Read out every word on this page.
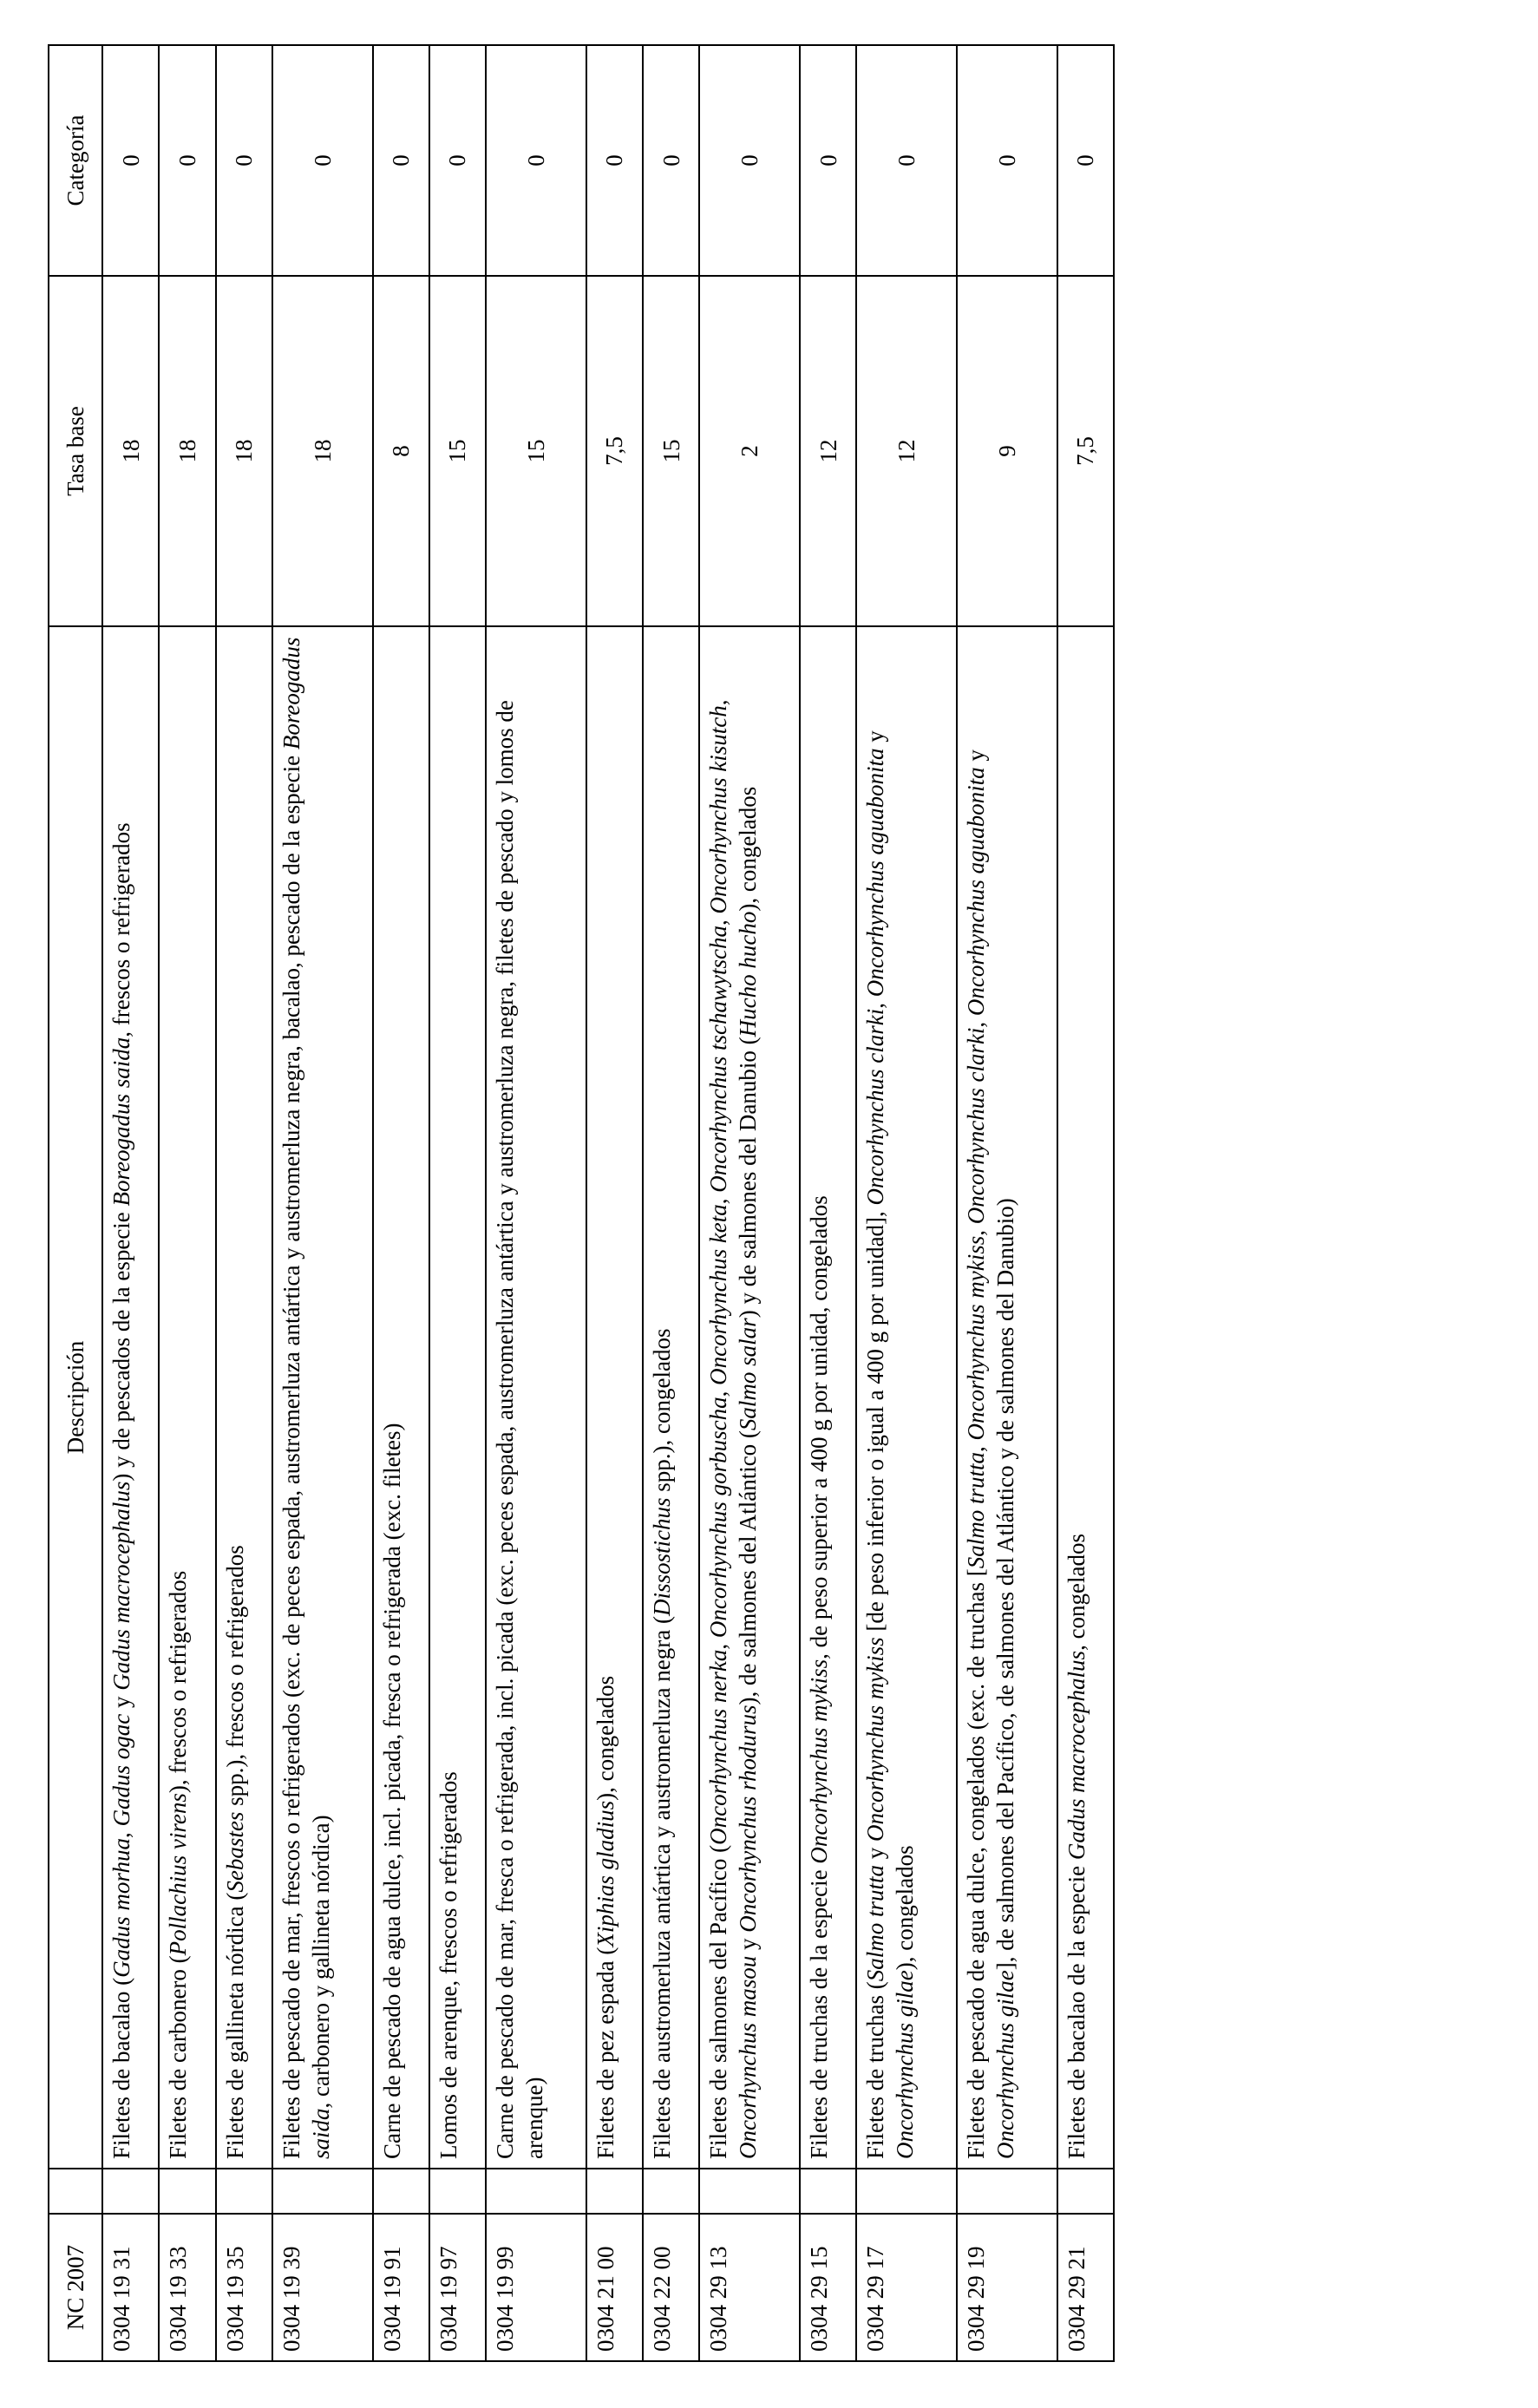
NC 2007		Descripción	Tasa base	Categoría
0304 19 31		Filetes de bacalao (Gadus morhua, Gadus ogac y Gadus macrocephalus) y de pescados de la especie Boreogadus saida, frescos o refrigerados	18	0
0304 19 33		Filetes de carbonero (Pollachius virens), frescos o refrigerados	18	0
0304 19 35		Filetes de gallineta nórdica (Sebastes spp.), frescos o refrigerados	18	0
0304 19 39		Filetes de pescado de mar, frescos o refrigerados (exc. de peces espada, austromerluza antártica y austromerluza negra, bacalao, pescado de la especie Boreogadus saida, carbonero y gallineta nórdica)	18	0
0304 19 91		Carne de pescado de agua dulce, incl. picada, fresca o refrigerada (exc. filetes)	8	0
0304 19 97		Lomos de arenque, frescos o refrigerados	15	0
0304 19 99		Carne de pescado de mar, fresca o refrigerada, incl. picada (exc. peces espada, austromerluza antártica y austromerluza negra, filetes de pescado y lomos de arenque)	15	0
0304 21 00		Filetes de pez espada (Xiphias gladius), congelados	7,5	0
0304 22 00		Filetes de austromerluza antártica y austromerluza negra (Dissostichus spp.), congelados	15	0
0304 29 13		Filetes de salmones del Pacífico (Oncorhynchus nerka, Oncorhynchus gorbuscha, Oncorhynchus keta, Oncorhynchus tschawytscha, Oncorhynchus kisutch, Oncorhynchus masou y Oncorhynchus rhodurus), de salmones del Atlántico (Salmo salar) y de salmones del Danubio (Hucho hucho), congelados	2	0
0304 29 15		Filetes de truchas de la especie Oncorhynchus mykiss, de peso superior a 400 g por unidad, congelados	12	0
0304 29 17		Filetes de truchas (Salmo trutta y Oncorhynchus mykiss [de peso inferior o igual a 400 g por unidad], Oncorhynchus clarki, Oncorhynchus aguabonita y Oncorhynchus gilae), congelados	12	0
0304 29 19		Filetes de pescado de agua dulce, congelados (exc. de truchas [Salmo trutta, Oncorhynchus mykiss, Oncorhynchus clarki, Oncorhynchus aguabonita y Oncorhynchus gilae], de salmones del Pacífico, de salmones del Atlántico y de salmones del Danubio)	9	0
0304 29 21		Filetes de bacalao de la especie Gadus macrocephalus, congelados	7,5	0
